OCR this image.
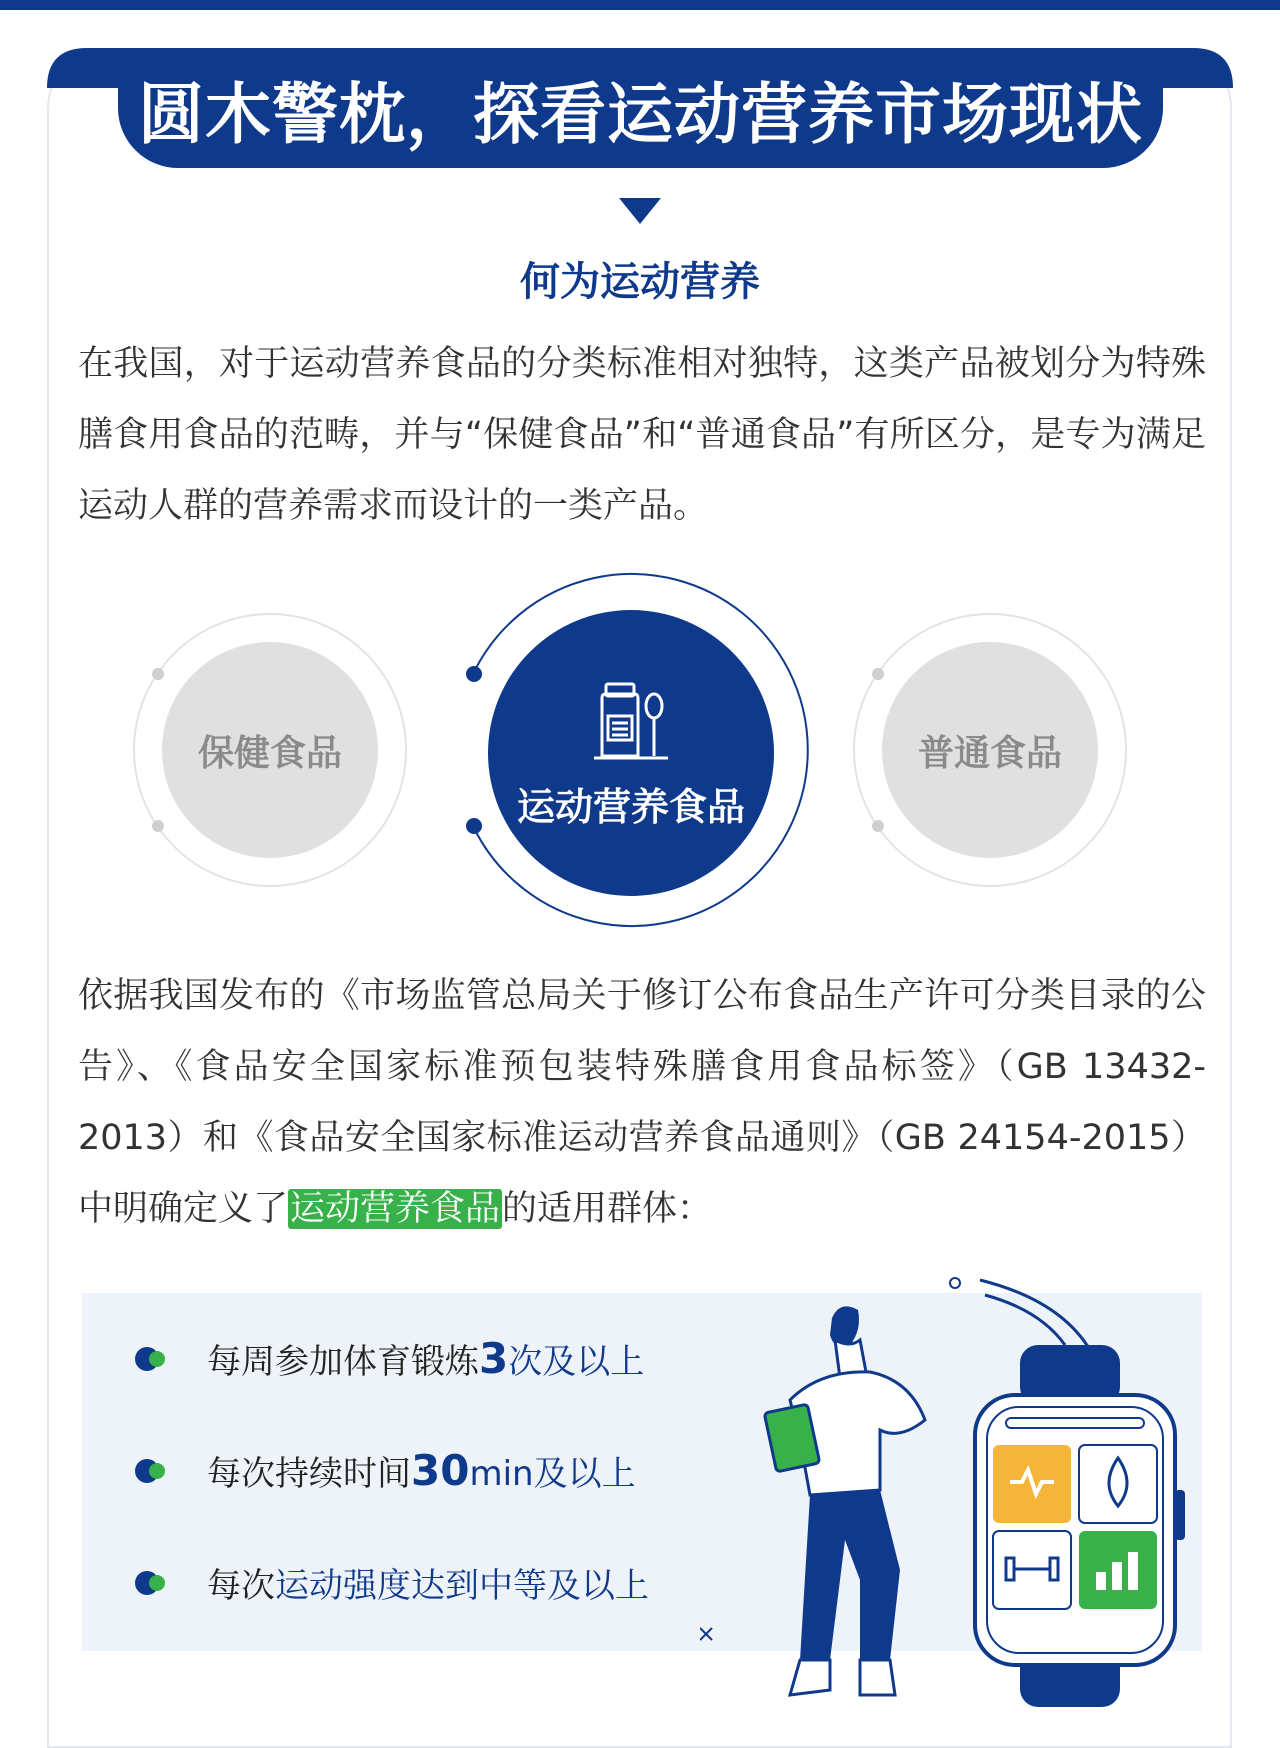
圆木警枕，探看运动营养市场现状
何为运动营养
在我国，对于运动营养食品的分类标准相对独特，这类产品被划分为特殊膳食用食品的范畴，并与“保健食品”和“普通食品”有所区分，是专为满足运动人群的营养需求而设计的一类产品。
保健食品	普通食品
运动营养食品
依据我国发布的《市场监管总局关于修订公布食品生产许可分类目录的公告》、《食品安全国家标准预包装特殊膳食用食品标签》（GB 13432-2013）和《食品安全国家标准运动营养食品通则》（GB 24154-2015）中明确定义了运动营养食品的适用群体：
每周参加体育锻炼3次及以上
每次持续时间30min及以上
每次运动强度达到中等及以上
